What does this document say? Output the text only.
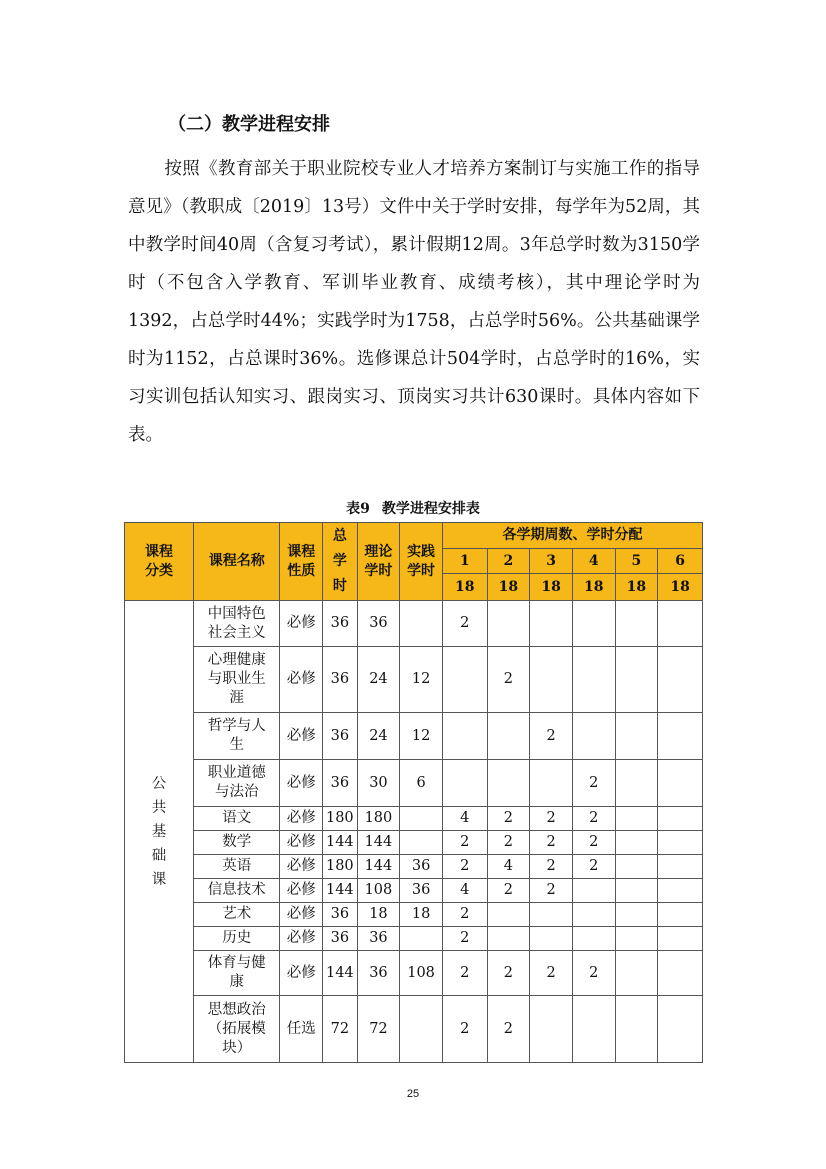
（二）教学进程安排

按照《教育部关于职业院校专业人才培养方案制订与实施工作的指导意见》（教职成〔2019〕13号）文件中关于学时安排，每学年为52周，其中教学时间40周（含复习考试），累计假期12周。3年总学时数为3150学时（不包含入学教育、军训毕业教育、成绩考核），其中理论学时为1392，占总学时44%；实践学时为1758，占总学时56%。公共基础课学时为1152，占总课时36%。选修课总计504学时，占总学时的16%，实习实训包括认知实习、跟岗实习、顶岗实习共计630课时。具体内容如下表。

表9 教学进程安排表
课程分类	课程名称	课程性质	总学时	理论学时	实践学时	各学期周数、学时分配					
						1	2	3	4	5	6
						18	18	18	18	18	18

公共基础课	中国特色社会主义	必修	36	36		2					

	心理健康与职业生涯	必修	36	24	12		2				

	哲学与人生	必修	36	24	12			2			

	职业道德与法治	必修	36	30	6				2		

	语文	必修	180	180		4	2	2	2		

	数学	必修	144	144		2	2	2	2		

	英语	必修	180	144	36	2	4	2	2		

	信息技术	必修	144	108	36	4	2	2			

	艺术	必修	36	18	18	2					

	历史	必修	36	36		2					

	体育与健康	必修	144	36	108	2	2	2	2		

	思想政治（拓展模块）	任选	72	72		2	2				
25
